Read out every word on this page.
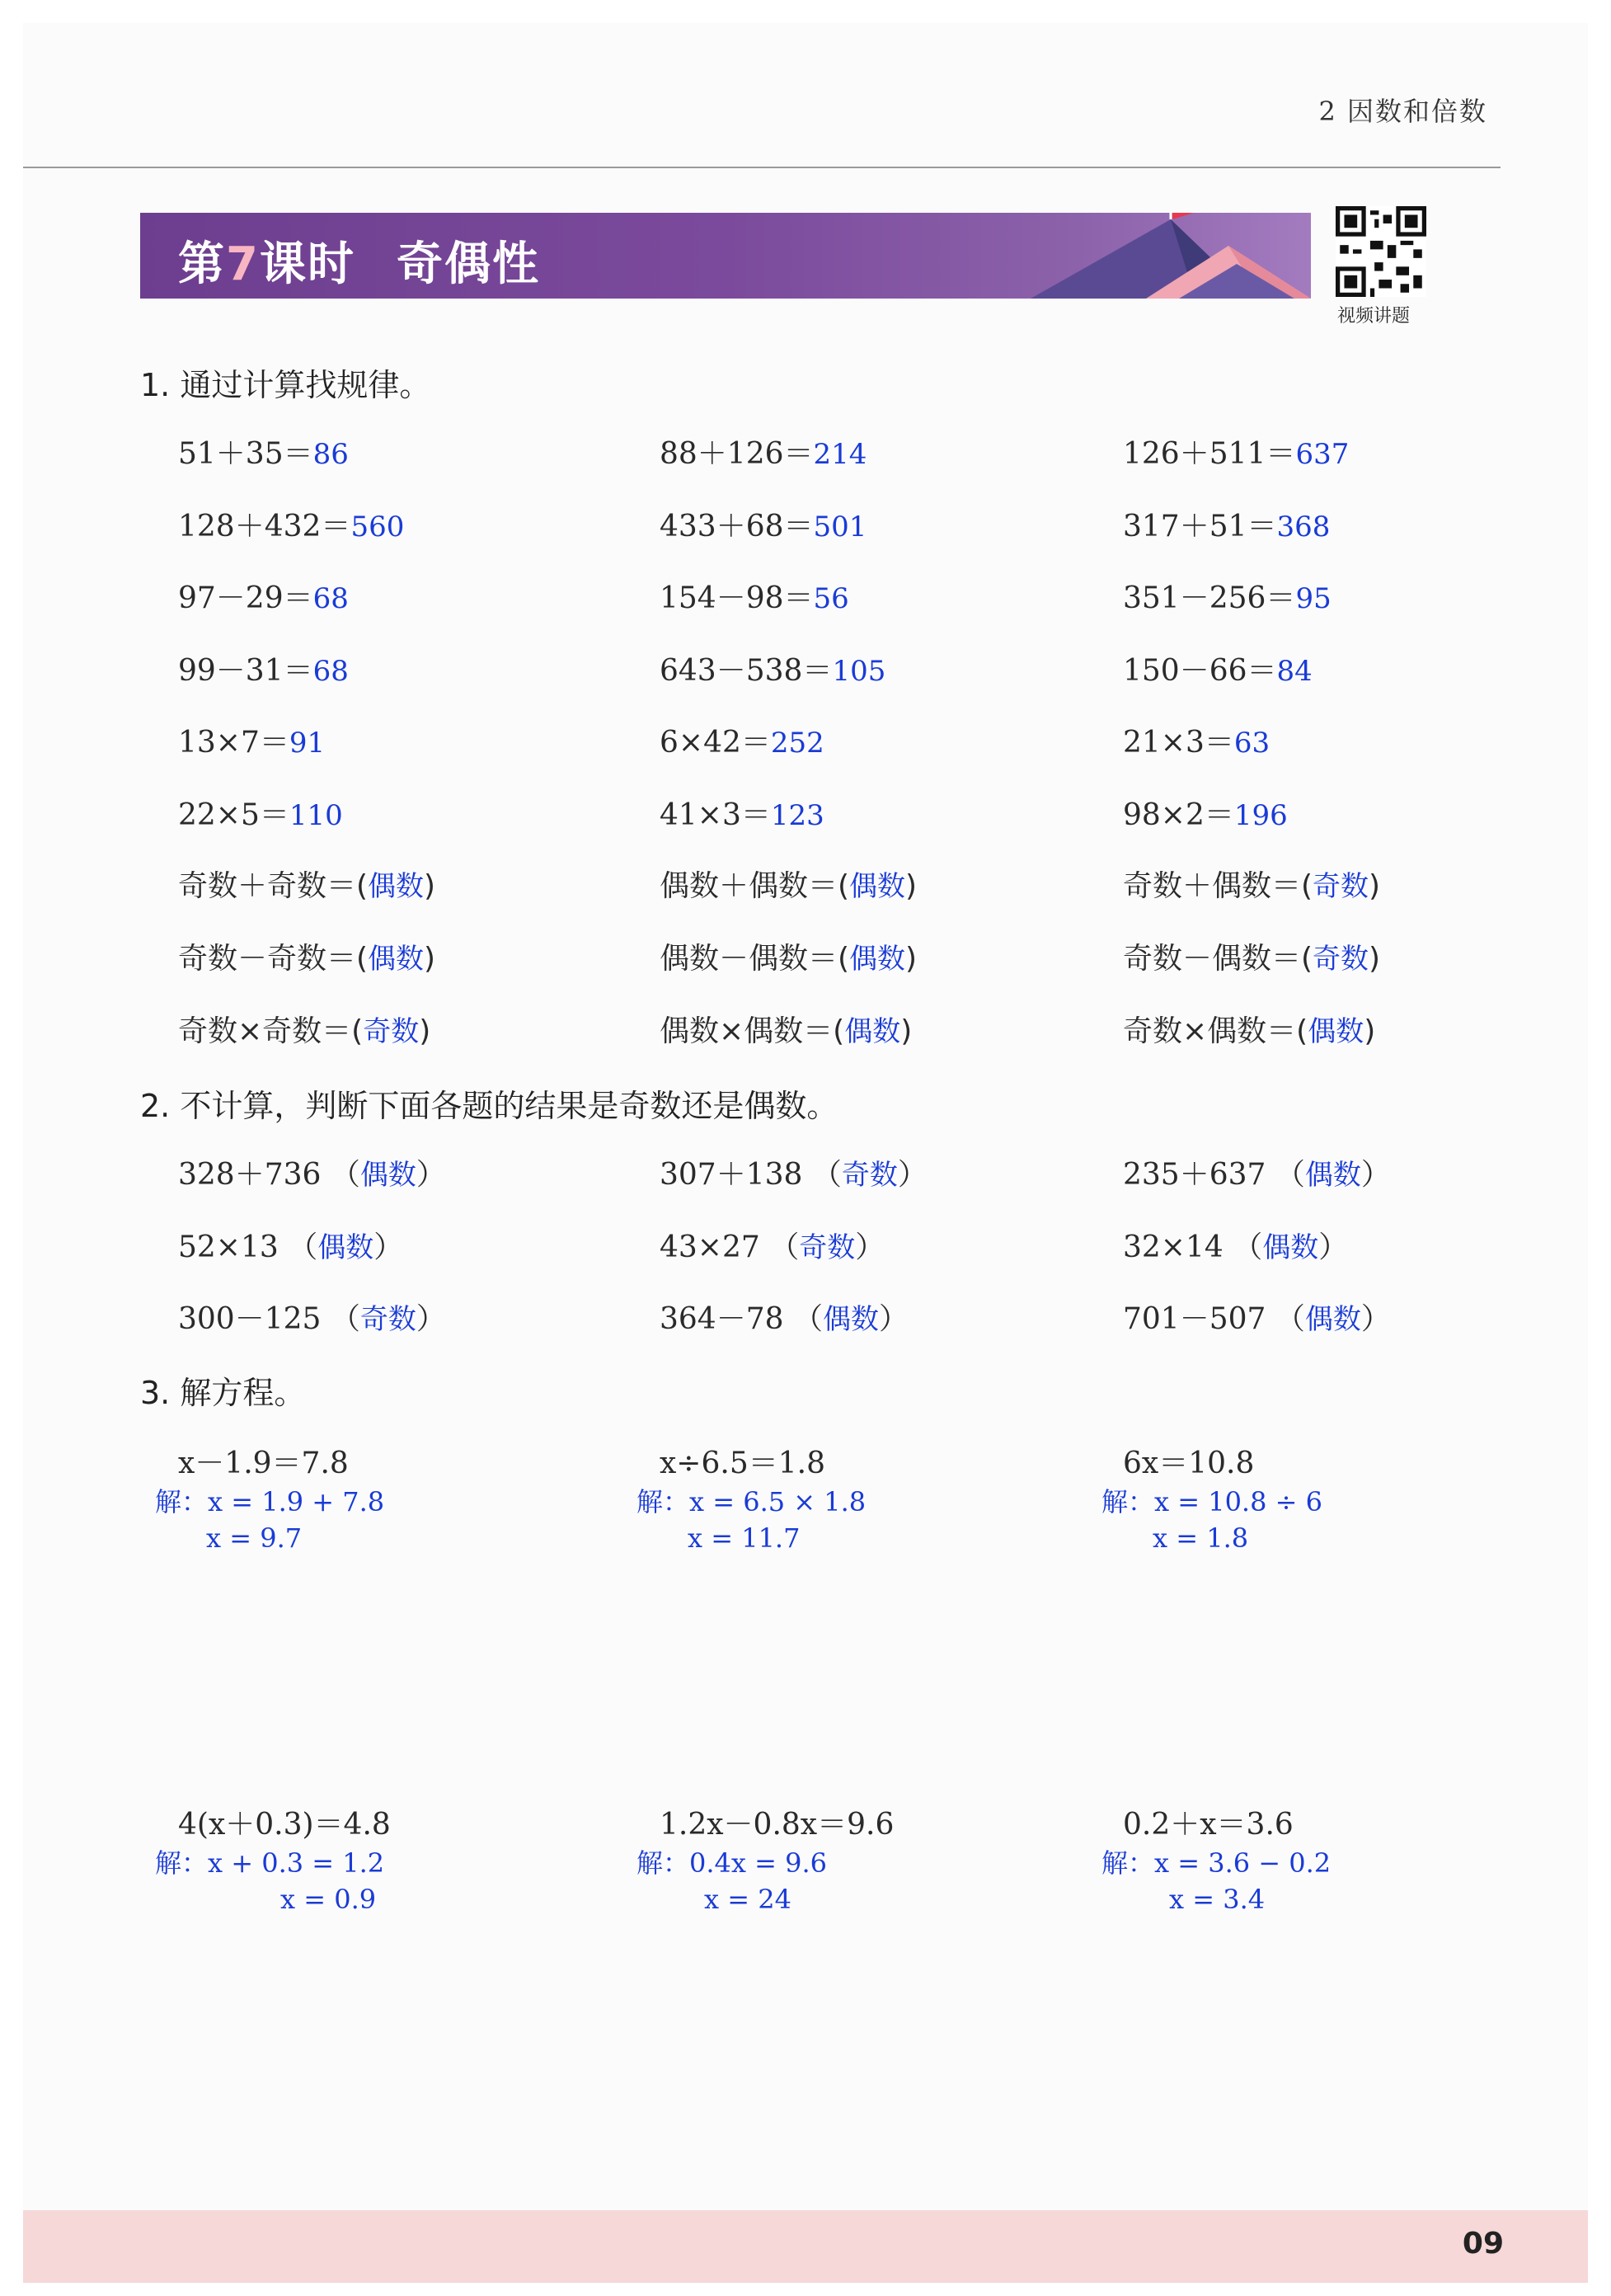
2 因数和倍数
第7课时 奇偶性
视频讲题
1. 通过计算找规律。
51＋35＝86	88＋126＝214	126＋511＝637
128＋432＝560	433＋68＝501	317＋51＝368
97－29＝68	154－98＝56	351－256＝95
99－31＝68	643－538＝105	150－66＝84
13×7＝91	6×42＝252	21×3＝63
22×5＝110	41×3＝123	98×2＝196
奇数＋奇数＝(偶数)	偶数＋偶数＝(偶数)	奇数＋偶数＝(奇数)
奇数－奇数＝(偶数)	偶数－偶数＝(偶数)	奇数－偶数＝(奇数)
奇数×奇数＝(奇数)	偶数×偶数＝(偶数)	奇数×偶数＝(偶数)
2. 不计算，判断下面各题的结果是奇数还是偶数。
328＋736 （偶数）	307＋138 （奇数）	235＋637 （偶数）
52×13 （偶数）	43×27 （奇数）	32×14 （偶数）
300－125 （奇数）	364－78 （偶数）	701－507 （偶数）
3. 解方程。
x－1.9＝7.8
解：x = 1.9 + 7.8
x = 9.7
x÷6.5＝1.8
解：x = 6.5 × 1.8
x = 11.7
6x＝10.8
解：x = 10.8 ÷ 6
x = 1.8
4(x＋0.3)＝4.8
解：x + 0.3 = 1.2
x = 0.9
1.2x－0.8x＝9.6
解：0.4x = 9.6
x = 24
0.2＋x＝3.6
解：x = 3.6 − 0.2
x = 3.4
09
